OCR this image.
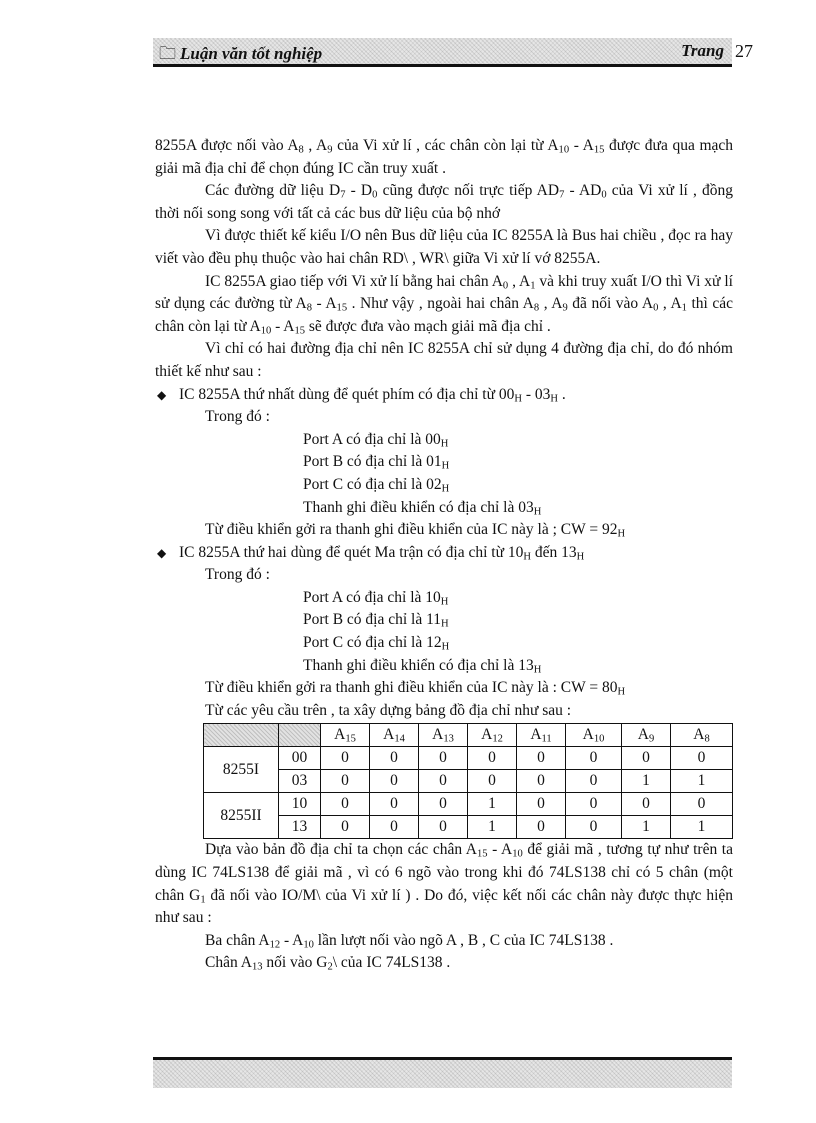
🗀 Luận văn tốt nghiệp	Trang 27
8255A được nối vào $A_8$ , $A_9$ của Vi xử lí , các chân còn lại từ $A_{10} - A_{15}$ được đưa qua mạch giải mã địa chỉ để chọn đúng IC cần truy xuất .
Các đường dữ liệu $D_7 - D_0$ cũng được nối trực tiếp $AD_7 - AD_0$ của Vi xử lí , đồng thời nối song song với tất cả các bus dữ liệu của bộ nhớ
Vì được thiết kế kiểu I/O nên Bus dữ liệu của IC 8255A là Bus hai chiều , đọc ra hay viết vào đều phụ thuộc vào hai chân RD\ , WR\ giữa Vi xử lí vớ 8255A.
IC 8255A giao tiếp với Vi xử lí bằng hai chân $A_0$ , $A_1$ và khi truy xuất I/O thì Vi xử lí sử dụng các đường từ $A_8 - A_{15}$ . Như vậy , ngoài hai chân $A_8$ , $A_9$ đã nối vào $A_0$ , $A_1$ thì các chân còn lại từ $A_{10} - A_{15}$ sẽ được đưa vào mạch giải mã địa chỉ .
Vì chỉ có hai đường địa chỉ nên IC 8255A chỉ sử dụng 4 đường địa chỉ, do đó nhóm thiết kế như sau :
◆ IC 8255A thứ nhất dùng để quét phím có địa chỉ từ $00_H - 03_H$ .
Trong đó :
Port A có địa chỉ là $00_H$
Port B có địa chỉ là $01_H$
Port C có địa chỉ là $02_H$
Thanh ghi điều khiển có địa chỉ là $03_H$
Từ điều khiển gởi ra thanh ghi điều khiển của IC này là ; CW = $92_H$
◆ IC 8255A thứ hai dùng để quét Ma trận có địa chỉ từ $10_H$ đến $13_H$
Trong đó :
Port A có địa chỉ là $10_H$
Port B có địa chỉ là $11_H$
Port C có địa chỉ là $12_H$
Thanh ghi điều khiển có địa chỉ là $13_H$
Từ điều khiển gởi ra thanh ghi điều khiển của IC này là : CW = $80_H$
Từ các yêu cầu trên , ta xây dựng bảng đồ địa chỉ như sau :
		$A_{15}$	$A_{14}$	$A_{13}$	$A_{12}$	$A_{11}$	$A_{10}$	$A_9$	$A_8$
8255I	00	0	0	0	0	0	0	0	0
	03	0	0	0	0	0	0	1	1
8255II	10	0	0	0	1	0	0	0	0
	13	0	0	0	1	0	0	1	1
Dựa vào bản đồ địa chỉ ta chọn các chân $A_{15} - A_{10}$ để giải mã , tương tự như trên ta dùng IC 74LS138 để giải mã , vì có 6 ngõ vào trong khi đó 74LS138 chỉ có 5 chân (một chân $G_1$ đã nối vào IO/M\ của Vi xử lí ) . Do đó, việc kết nối các chân này được thực hiện như sau :
Ba chân $A_{12} - A_{10}$ lần lượt nối vào ngõ A , B , C của IC 74LS138 .
Chân $A_{13}$ nối vào $G_2\backslash$ của IC 74LS138 .
